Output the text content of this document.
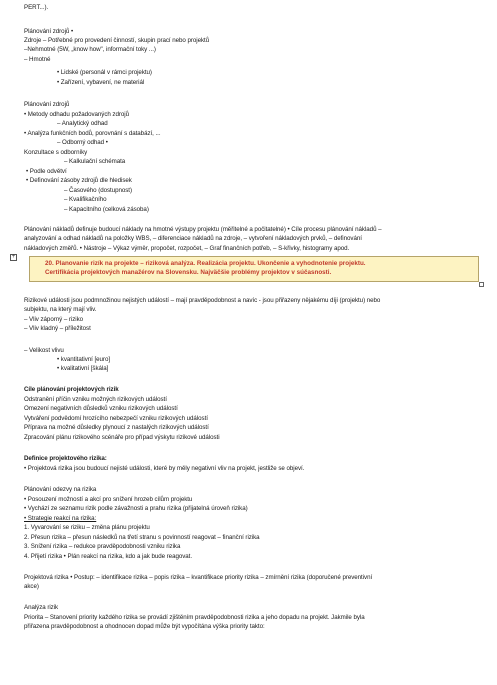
PERT...).
Plánování zdrojů •
Zdroje – Potřebné pro provedení činností, skupin prací nebo projektů
–Nehmotné (5W, „know how", informační toky ...)
– Hmotné
• Lidské (personál v rámci projektu)
• Zařízení, vybavení, ne materiál
Plánování zdrojů
• Metody odhadu požadovaných zdrojů
– Analytický odhad
• Analýza funkčních bodů, porovnání s databází, ...
– Odborný odhad •
Konzultace s odborníky
– Kalkulační schémata
• Podle odvětví
• Definování zásoby zdrojů dle hledisek
– Časového (dostupnost)
– Kvalifikačního
– Kapacitního (celková zásoba)
Plánování nákladů definuje budoucí náklady na hmotné výstupy projektu (měřitelné a počitatelné) • Cíle procesu plánování nákladů –
analyzování a odhad nákladů na položky WBS, – diferenciace nákladů na zdroje, – vytvoření nákladových prvků, – definování
nákladových změřů. • Nástroje – Výkaz výměr, propočet, rozpočet, – Graf finančních potřeb, – S-křivky, histogramy apod.
+
20. Planovanie rizík na projekte – riziková analýza. Realizácia projektu. Ukončenie a vyhodnotenie projektu.
Certifikácia projektových manažérov na Slovensku. Najväčšie problémy projektov v súčasnosti.
Rizikové události jsou podmnožinou nejistých událostí – mají pravděpodobnost a navíc - jsou přiřazeny nějakému díji (projektu) nebo
subjektu, na který mají vliv.
– Vliv záporný – riziko
– Vliv kladný – příležitost
– Velikost vlivu
• kvantitativní [euro]
• kvalitativní [škála]
Cíle plánování projektových rizik
Odstranění příčin vzniku možných rizikových událostí
Omezení negativních důsledků vzniku rizikových událostí
Vytváření podvědomí hrozícího nebezpečí vzniku rizikových událostí
Příprava na možné důsledky plynoucí z nastalých rizikových událostí
Zpracování plánu rizikového scénáře pro případ výskytu rizikové události
Definice projektového rizika:
• Projektová rizika jsou budoucí nejisté události, které by měly negativní vliv na projekt, jestliže se objeví.
Plánování odezvy na rizika
• Posouzení možností a akcí pro snížení hrozeb cílům projektu
• Vychází ze seznamu rizik podle závažnosti a prahu rizika (přijatelná úroveň rizika)
• Strategie reakcí na rizika:
1. Vyvarování se riziku – změna plánu projektu
2. Přesun rizika – přesun následků na třetí stranu s povinností reagovat – finanční rizika
3. Snížení rizika – redukce pravděpodobnosti vzniku rizika
4. Přijetí rizika • Plán reakcí na rizika, kdo a jak bude reagovat.
Projektová rizika • Postup: – identifikace rizika – popis rizika – kvantifikace priority rizika – zmírnění rizika (doporučené preventivní
akce)
Analýza rizik
Priorita – Stanovení priority každého rizika se provádí zjištěním pravděpodobnosti rizika a jeho dopadu na projekt. Jakmile byla
přiřazena pravděpodobnost a ohodnocen dopad může být vypočítána výška priority takto:
